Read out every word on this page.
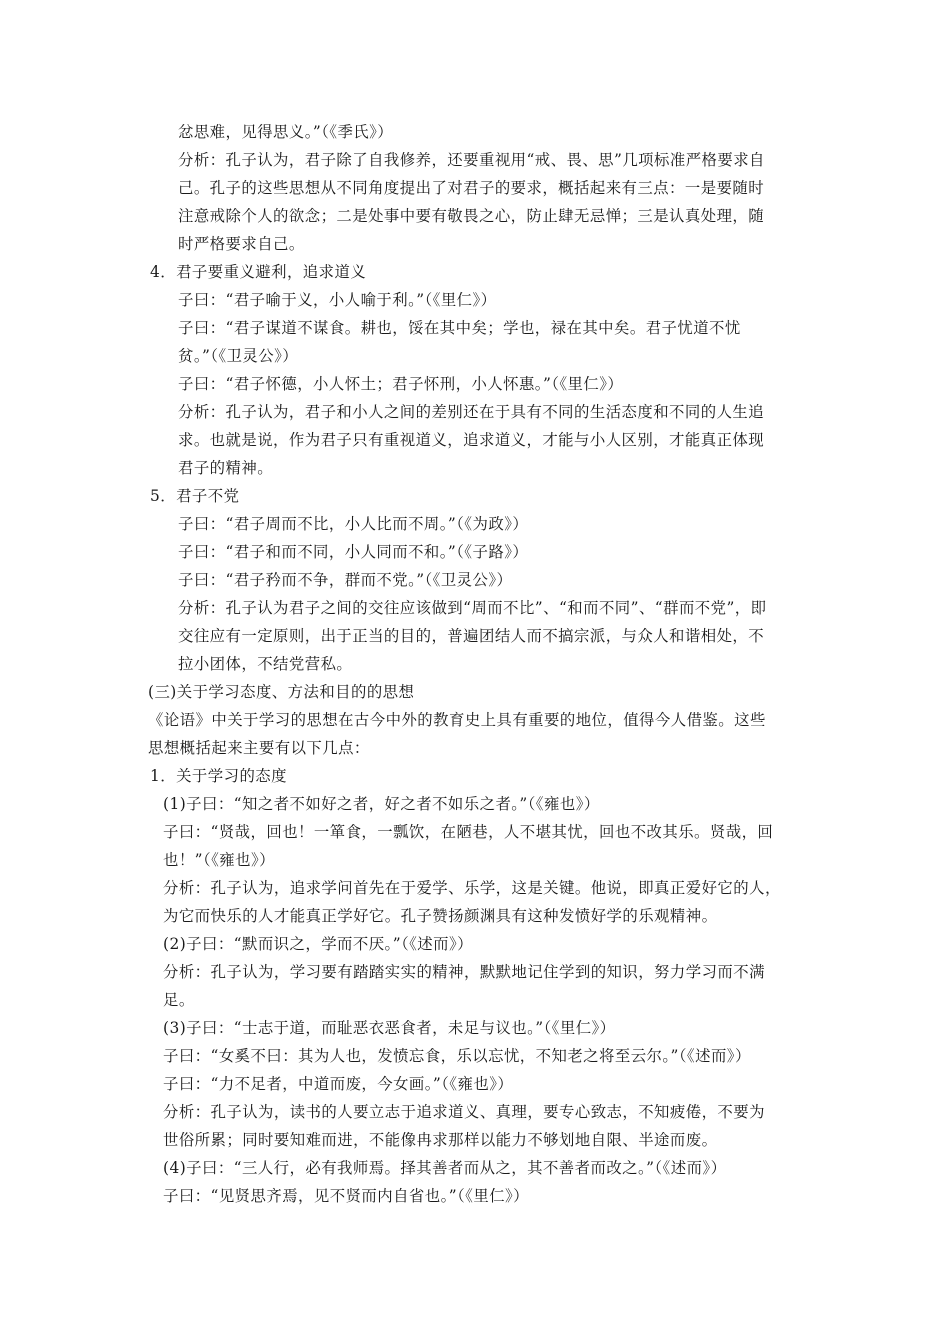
忿思难，见得思义。”（《季氏》）
分析：孔子认为，君子除了自我修养，还要重视用“戒、畏、思”几项标准严格要求自
己。孔子的这些思想从不同角度提出了对君子的要求，概括起来有三点：一是要随时
注意戒除个人的欲念；二是处事中要有敬畏之心，防止肆无忌惮；三是认真处理，随
时严格要求自己。
4．君子要重义避利，追求道义
子曰：“君子喻于义，小人喻于利。”（《里仁》）
子曰：“君子谋道不谋食。耕也，馁在其中矣；学也，禄在其中矣。君子忧道不忧
贫。”（《卫灵公》）
子曰：“君子怀德，小人怀土；君子怀刑，小人怀惠。”（《里仁》）
分析：孔子认为，君子和小人之间的差别还在于具有不同的生活态度和不同的人生追
求。也就是说，作为君子只有重视道义，追求道义，才能与小人区别，才能真正体现
君子的精神。
5．君子不党
子曰：“君子周而不比，小人比而不周。”（《为政》）
子曰：“君子和而不同，小人同而不和。”（《子路》）
子曰：“君子矜而不争，群而不党。”（《卫灵公》）
分析：孔子认为君子之间的交往应该做到“周而不比”、“和而不同”、“群而不党”，即
交往应有一定原则，出于正当的目的，普遍团结人而不搞宗派，与众人和谐相处，不
拉小团体，不结党营私。
(三)关于学习态度、方法和目的的思想
《论语》中关于学习的思想在古今中外的教育史上具有重要的地位，值得今人借鉴。这些
思想概括起来主要有以下几点：
1．关于学习的态度
(1)子曰：“知之者不如好之者，好之者不如乐之者。”（《雍也》）
子曰：“贤哉，回也！一箪食，一瓢饮，在陋巷，人不堪其忧，回也不改其乐。贤哉，回
也！”（《雍也》）
分析：孔子认为，追求学问首先在于爱学、乐学，这是关键。他说，即真正爱好它的人，
为它而快乐的人才能真正学好它。孔子赞扬颜渊具有这种发愤好学的乐观精神。
(2)子曰：“默而识之，学而不厌。”（《述而》）
分析：孔子认为，学习要有踏踏实实的精神，默默地记住学到的知识，努力学习而不满
足。
(3)子曰：“士志于道，而耻恶衣恶食者，未足与议也。”（《里仁》）
子曰：“女奚不曰：其为人也，发愤忘食，乐以忘忧，不知老之将至云尔。”（《述而》）
子曰：“力不足者，中道而废，今女画。”（《雍也》）
分析：孔子认为，读书的人要立志于追求道义、真理，要专心致志，不知疲倦，不要为
世俗所累；同时要知难而进，不能像冉求那样以能力不够划地自限、半途而废。
(4)子曰：“三人行，必有我师焉。择其善者而从之，其不善者而改之。”（《述而》）
子曰：“见贤思齐焉，见不贤而内自省也。”（《里仁》）
